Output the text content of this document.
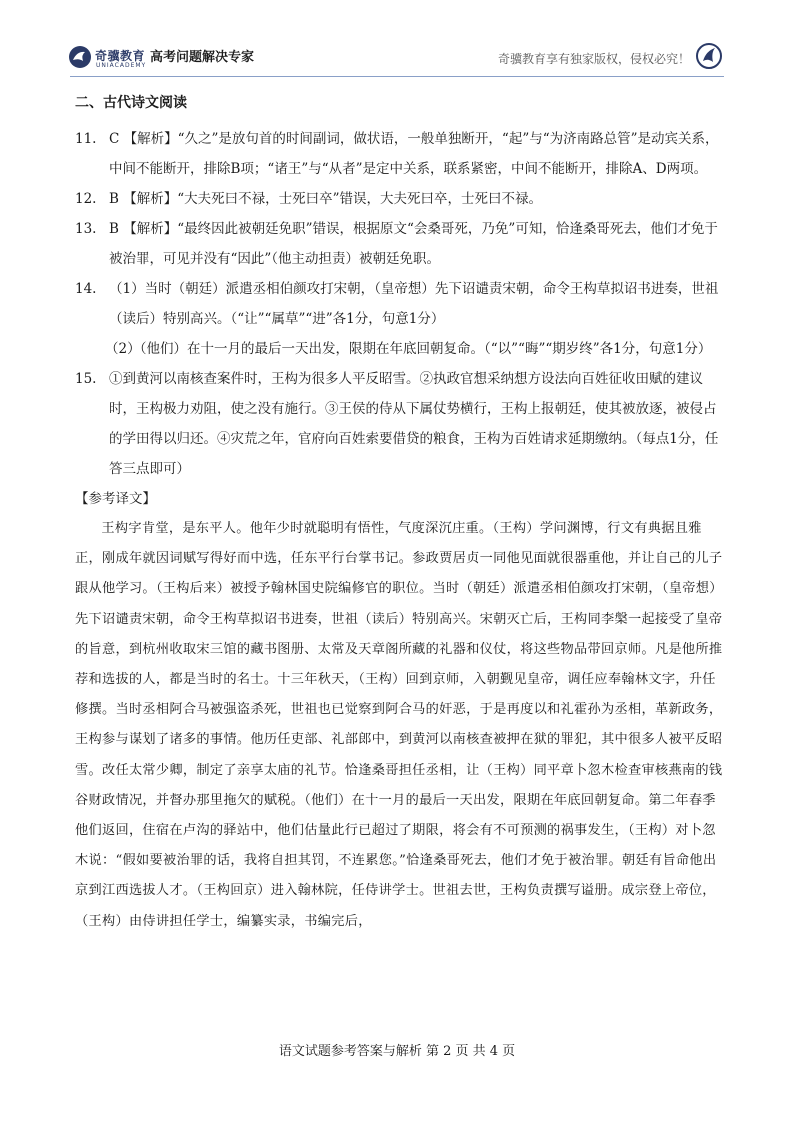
奇骥教育
UNIACADEMY
高考问题解决专家	奇骥教育享有独家版权，侵权必究！
二、古代诗文阅读
11. C 【解析】“久之”是放句首的时间副词，做状语，一般单独断开，“起”与“为济南路总管”是动宾关系，中间不能断开，排除B项；“诸王”与“从者”是定中关系，联系紧密，中间不能断开，排除A、D两项。
12. B 【解析】“大夫死曰不禄，士死曰卒”错误，大夫死曰卒，士死曰不禄。
13. B 【解析】“最终因此被朝廷免职”错误，根据原文“会桑哥死，乃免”可知，恰逢桑哥死去，他们才免于被治罪，可见并没有“因此”（他主动担责）被朝廷免职。
14. （1）当时（朝廷）派遣丞相伯颜攻打宋朝，（皇帝想）先下诏谴责宋朝，命令王构草拟诏书进奏，世祖（读后）特别高兴。（“让”“属草”“进”各1分，句意1分）
（2）
（他们）在十一月的最后一天出发，限期在年底回朝复命。（“以”“晦”“期岁终”各1分，句意1分）
15. ①到黄河以南核查案件时，王构为很多人平反昭雪。②执政官想采纳想方设法向百姓征收田赋的建议时，王构极力劝阻，使之没有施行。③王侯的侍从下属仗势横行，王构上报朝廷，使其被放逐，被侵占的学田得以归还。④灾荒之年，官府向百姓索要借贷的粮食，王构为百姓请求延期缴纳。（每点1分，任答三点即可）
【参考译文】

王构字肯堂，是东平人。他年少时就聪明有悟性，气度深沉庄重。（王构）学问渊博，行文有典据且雅正，刚成年就因词赋写得好而中选，任东平行台掌书记。参政贾居贞一同他见面就很器重他，并让自己的儿子跟从他学习。（王构后来）被授予翰林国史院编修官的职位。当时（朝廷）派遣丞相伯颜攻打宋朝，（皇帝想）先下诏谴责宋朝，命令王构草拟诏书进奏，世祖（读后）特别高兴。宋朝灭亡后，王构同李槃一起接受了皇帝的旨意，到杭州收取宋三馆的藏书图册、太常及天章阁所藏的礼器和仪仗，将这些物品带回京师。凡是他所推荐和选拔的人，都是当时的名士。十三年秋天，（王构）回到京师，入朝觐见皇帝，调任应奉翰林文字，升任修撰。当时丞相阿合马被强盗杀死，世祖也已觉察到阿合马的奸恶，于是再度以和礼霍孙为丞相，革新政务，王构参与谋划了诸多的事情。他历任吏部、礼部郎中，到黄河以南核查被押在狱的罪犯，其中很多人被平反昭雪。改任太常少卿，制定了亲享太庙的礼节。恰逢桑哥担任丞相，让（王构）同平章卜忽木检查审核燕南的钱谷财政情况，并督办那里拖欠的赋税。（他们）在十一月的最后一天出发，限期在年底回朝复命。第二年春季他们返回，住宿在卢沟的驿站中，他们估量此行已超过了期限，将会有不可预测的祸事发生，（王构）对卜忽木说：“假如要被治罪的话，我将自担其罚，不连累您。”恰逢桑哥死去，他们才免于被治罪。朝廷有旨命他出京到江西选拔人才。（王构回京）进入翰林院，任侍讲学士。世祖去世，王构负责撰写谥册。成宗登上帝位，（王构）由侍讲担任学士，编纂实录，书编完后，

语文试题参考答案与解析 第 2 页 共 4 页
